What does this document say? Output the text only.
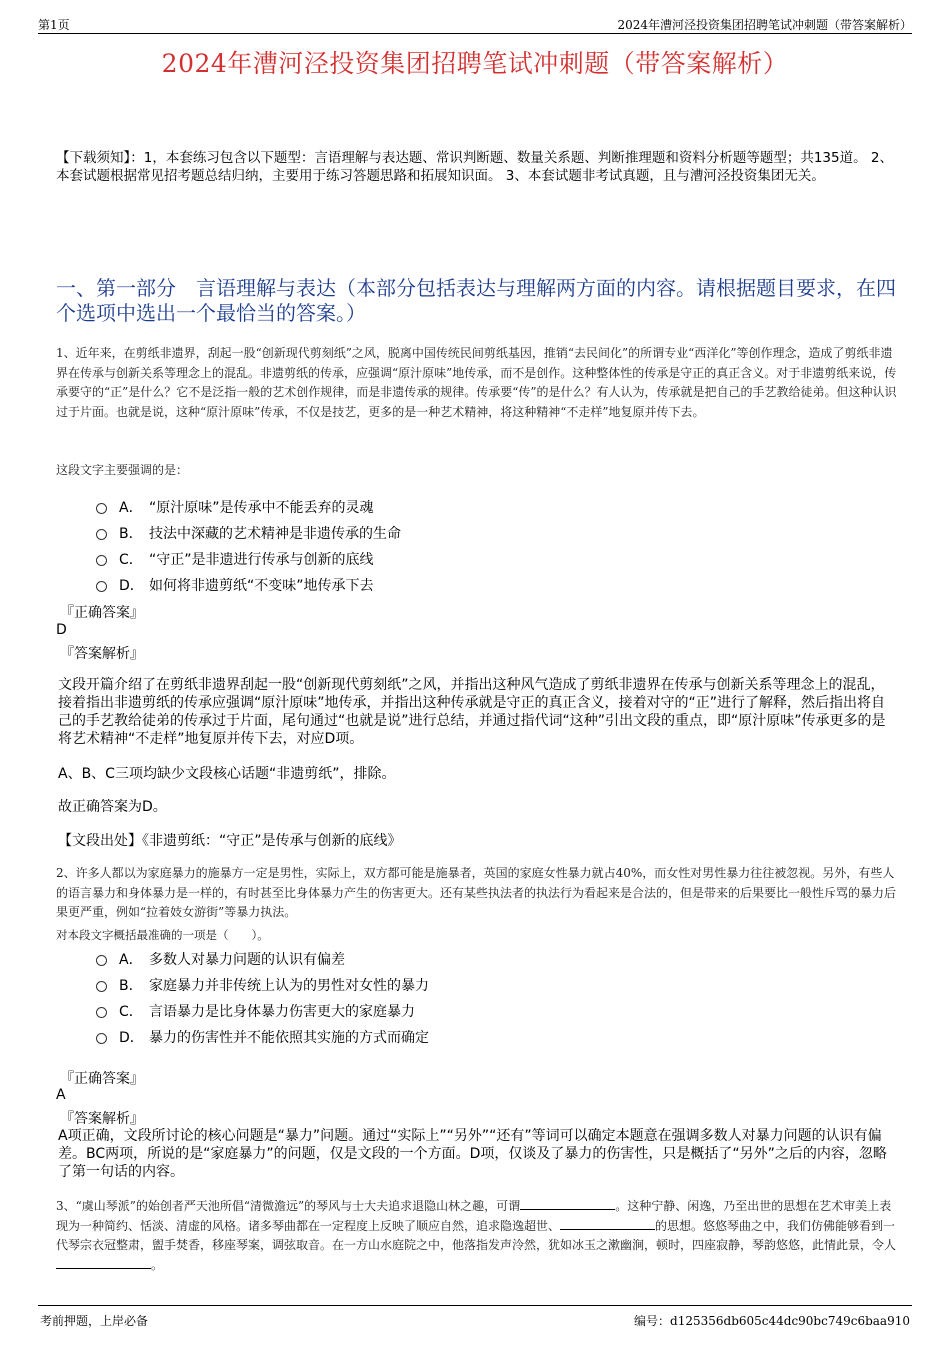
第1页	2024年漕河泾投资集团招聘笔试冲刺题（带答案解析）
2024年漕河泾投资集团招聘笔试冲刺题（带答案解析）
【下载须知】：1，本套练习包含以下题型：言语理解与表达题、常识判断题、数量关系题、判断推理题和资料分析题等题型；共135道。 2、本套试题根据常见招考题总结归纳，主要用于练习答题思路和拓展知识面。 3、本套试题非考试真题，且与漕河泾投资集团无关。
一、第一部分　言语理解与表达（本部分包括表达与理解两方面的内容。请根据题目要求，在四个选项中选出一个最恰当的答案。）
1、近年来，在剪纸非遗界，刮起一股“创新现代剪刻纸”之风，脱离中国传统民间剪纸基因，推销“去民间化”的所谓专业“西洋化”等创作理念，造成了剪纸非遗界在传承与创新关系等理念上的混乱。非遗剪纸的传承，应强调“原汁原味”地传承，而不是创作。这种整体性的传承是守正的真正含义。对于非遗剪纸来说，传承要守的“正”是什么？它不是泛指一般的艺术创作规律，而是非遗传承的规律。传承要“传”的是什么？有人认为，传承就是把自己的手艺教给徒弟。但这种认识过于片面。也就是说，这种“原汁原味”传承，不仅是技艺，更多的是一种艺术精神，将这种精神“不走样”地复原并传下去。
这段文字主要强调的是：
A． “原汁原味”是传承中不能丢弃的灵魂
B． 技法中深藏的艺术精神是非遗传承的生命
C． “守正”是非遗进行传承与创新的底线
D． 如何将非遗剪纸“不变味”地传承下去
『正确答案』
D
『答案解析』
文段开篇介绍了在剪纸非遗界刮起一股“创新现代剪刻纸”之风，并指出这种风气造成了剪纸非遗界在传承与创新关系等理念上的混乱，接着指出非遗剪纸的传承应强调“原汁原味”地传承，并指出这种传承就是守正的真正含义，接着对守的“正”进行了解释，然后指出将自己的手艺教给徒弟的传承过于片面，尾句通过“也就是说”进行总结，并通过指代词“这种”引出文段的重点，即“原汁原味”传承更多的是将艺术精神“不走样”地复原并传下去，对应D项。
A、B、C三项均缺少文段核心话题“非遗剪纸”，排除。
故正确答案为D。
【文段出处】《非遗剪纸：“守正”是传承与创新的底线》
2、许多人都以为家庭暴力的施暴方一定是男性，实际上，双方都可能是施暴者，英国的家庭女性暴力就占40%，而女性对男性暴力往往被忽视。另外，有些人的语言暴力和身体暴力是一样的，有时甚至比身体暴力产生的伤害更大。还有某些执法者的执法行为看起来是合法的，但是带来的后果要比一般性斥骂的暴力后果更严重，例如“拉着妓女游街”等暴力执法。
对本段文字概括最准确的一项是（　　）。
A． 多数人对暴力问题的认识有偏差
B． 家庭暴力并非传统上认为的男性对女性的暴力
C． 言语暴力是比身体暴力伤害更大的家庭暴力
D． 暴力的伤害性并不能依照其实施的方式而确定
『正确答案』
A
『答案解析』
A项正确，文段所讨论的核心问题是“暴力”问题。通过“实际上”“另外”“还有”等词可以确定本题意在强调多数人对暴力问题的认识有偏差。BC两项，所说的是“家庭暴力”的问题，仅是文段的一个方面。D项，仅谈及了暴力的伤害性，只是概括了“另外”之后的内容，忽略了第一句话的内容。
3、“虞山琴派”的始创者严天池所倡“清微澹远”的琴风与士大夫追求退隐山林之趣，可谓	。这种宁静、闲逸，乃至出世的思想在艺术审美上表现为一种简约、恬淡、清虚的风格。诸多琴曲都在一定程度上反映了顺应自然，追求隐逸超世、	的思想。悠悠琴曲之中，我们仿佛能够看到一代琴宗衣冠整肃，盥手焚香，移座琴案，调弦取音。在一方山水庭院之中，他落指发声泠然，犹如冰玉之漱幽涧，顿时，四座寂静，琴韵悠悠，此情此景，令人。
考前押题，上岸必备	编号：d125356db605c44dc90bc749c6baa910
